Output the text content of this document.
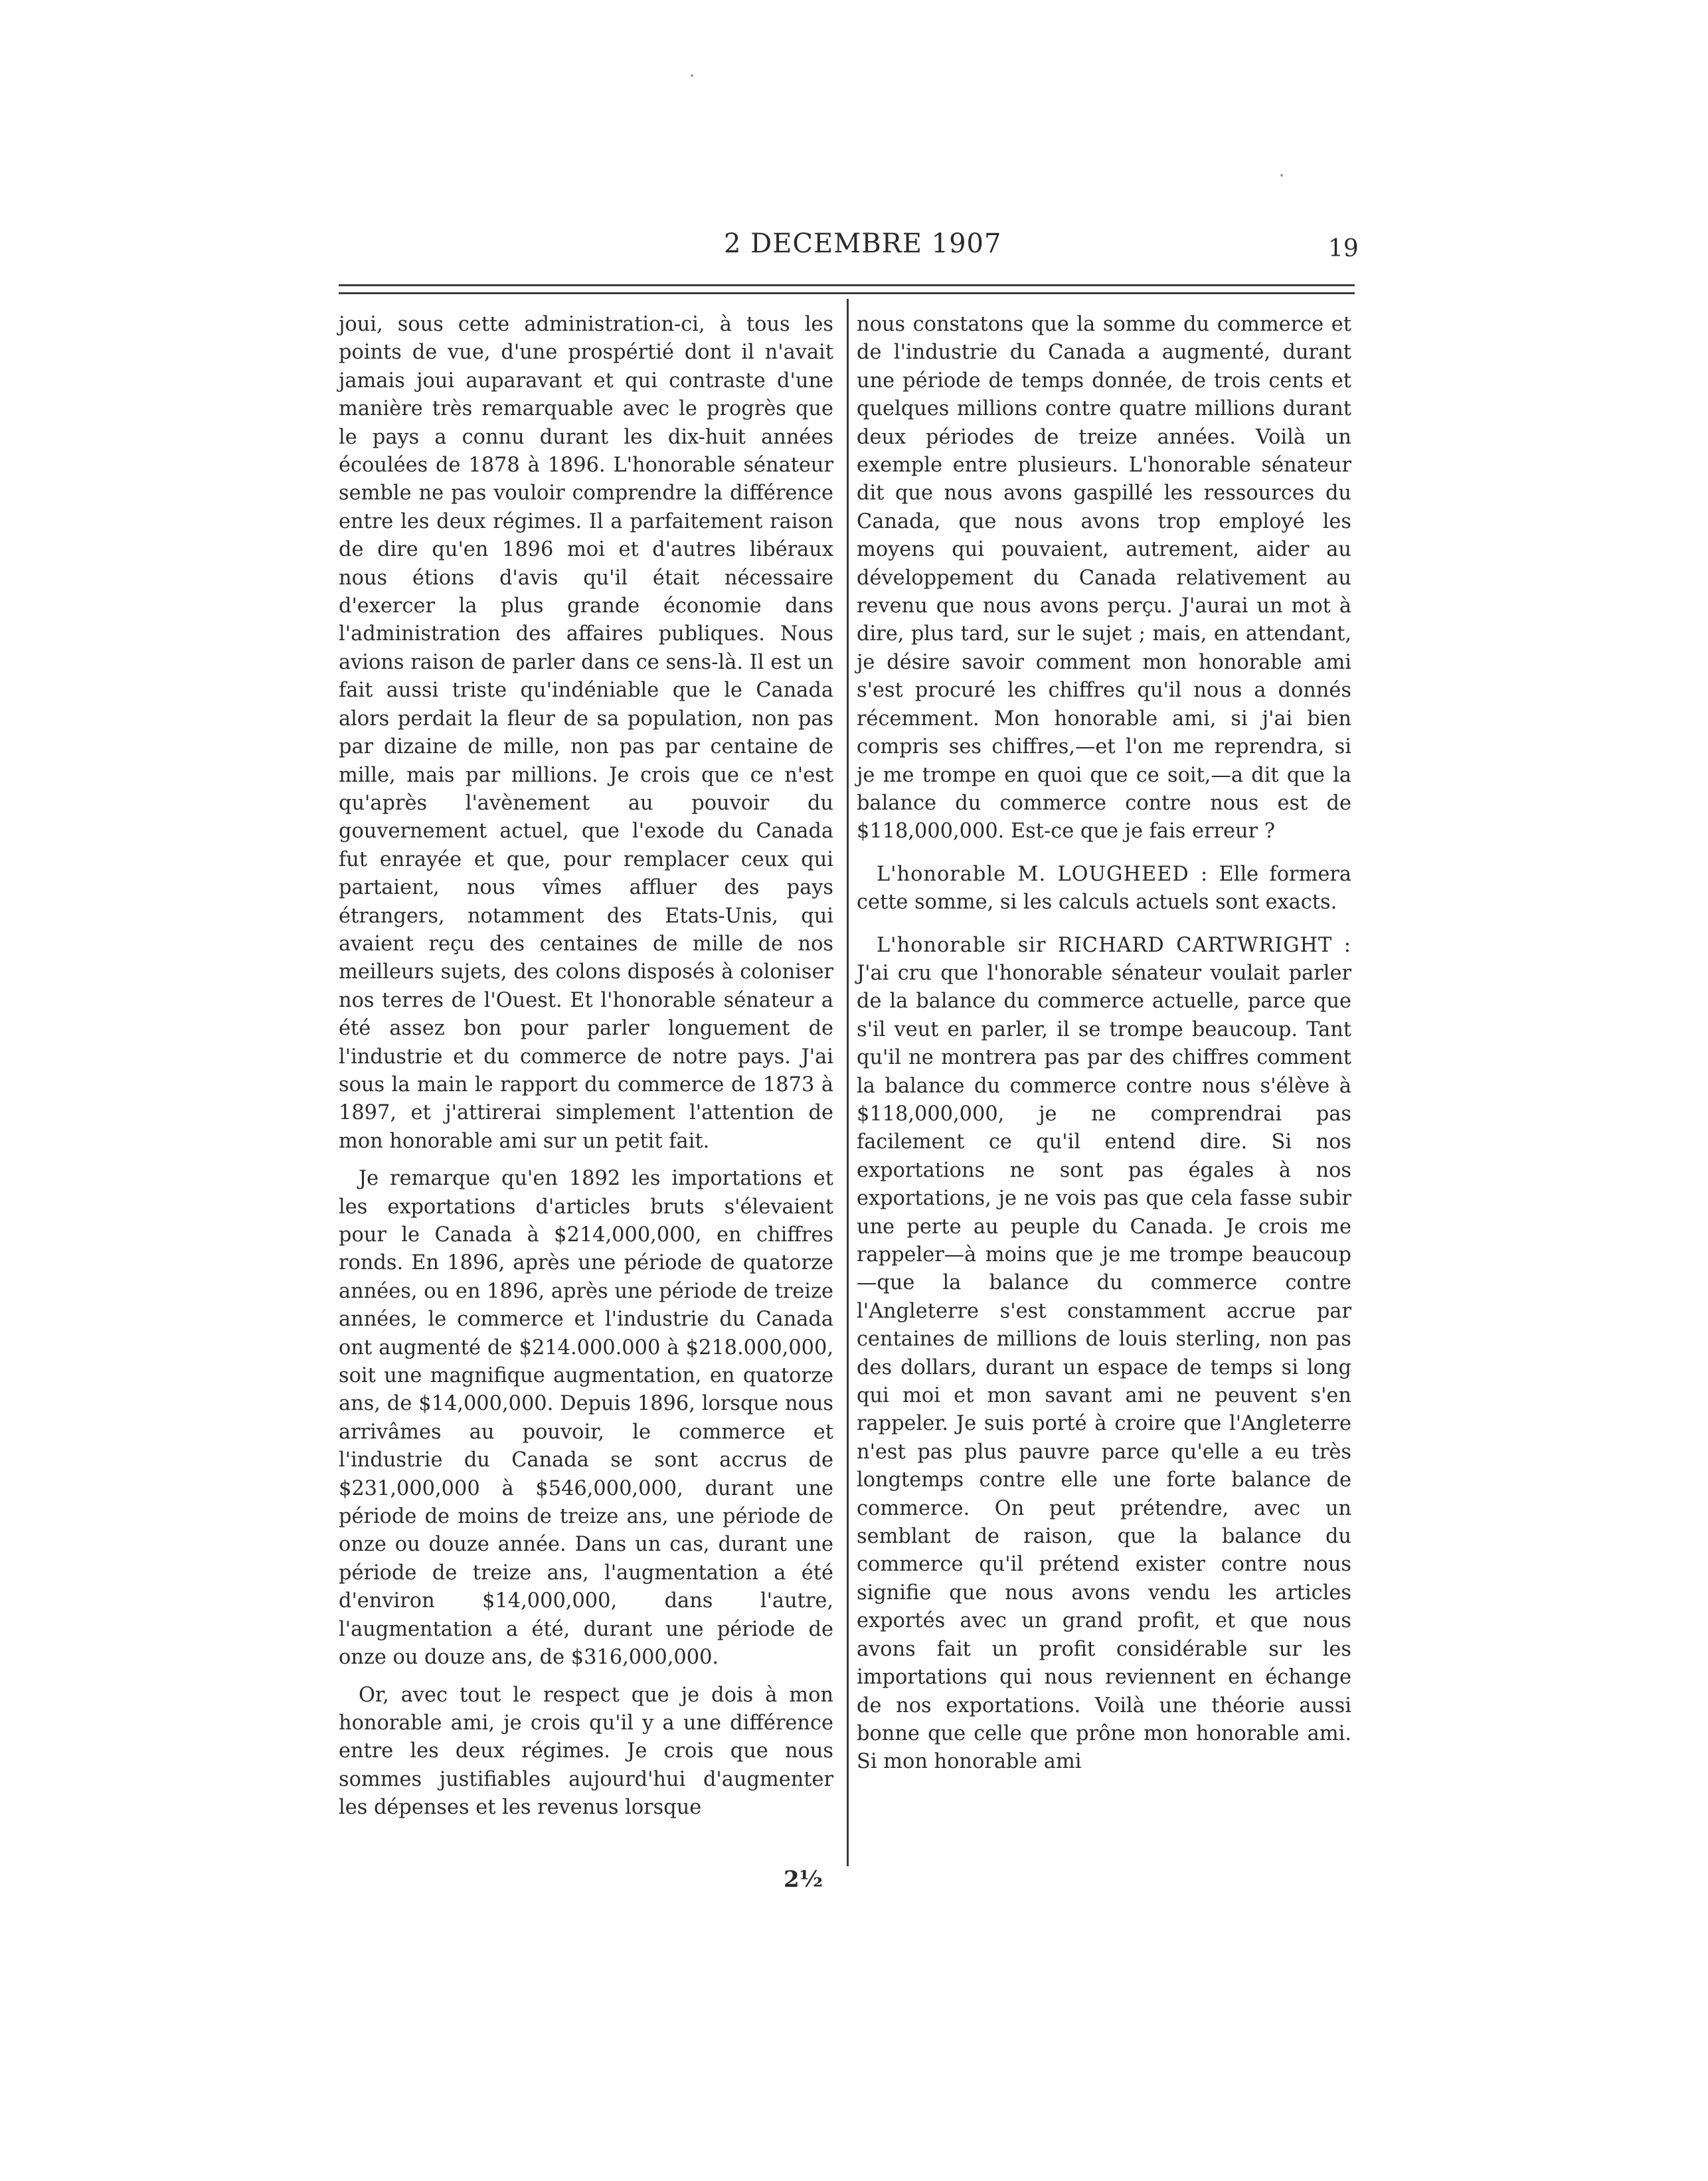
2 DECEMBRE 1907	19

joui, sous cette administration-ci, à tous les points de vue, d'une prospértié dont il n'avait jamais joui auparavant et qui contraste d'une manière très remarquable avec le progrès que le pays a connu durant les dix-huit années écoulées de 1878 à 1896. L'honorable sénateur semble ne pas vouloir comprendre la différence entre les deux régimes. Il a parfaitement raison de dire qu'en 1896 moi et d'autres libéraux nous étions d'avis qu'il était nécessaire d'exercer la plus grande économie dans l'administration des affaires publiques. Nous avions raison de parler dans ce sens-là. Il est un fait aussi triste qu'indéniable que le Canada alors perdait la fleur de sa population, non pas par dizaine de mille, non pas par centaine de mille, mais par millions. Je crois que ce n'est qu'après l'avènement au pouvoir du gouvernement actuel, que l'exode du Canada fut enrayée et que, pour remplacer ceux qui partaient, nous vîmes affluer des pays étrangers, notamment des Etats-Unis, qui avaient reçu des centaines de mille de nos meilleurs sujets, des colons disposés à coloniser nos terres de l'Ouest. Et l'honorable sénateur a été assez bon pour parler longuement de l'industrie et du commerce de notre pays. J'ai sous la main le rapport du commerce de 1873 à 1897, et j'attirerai simplement l'attention de mon honorable ami sur un petit fait.

Je remarque qu'en 1892 les importations et les exportations d'articles bruts s'élevaient pour le Canada à $214,000,000, en chiffres ronds. En 1896, après une période de quatorze années, ou en 1896, après une période de treize années, le commerce et l'industrie du Canada ont augmenté de $214.000.000 à $218.000,000, soit une magnifique augmentation, en quatorze ans, de $14,000,000. Depuis 1896, lorsque nous arrivâmes au pouvoir, le commerce et l'industrie du Canada se sont accrus de $231,000,000 à $546,000,000, durant une période de moins de treize ans, une période de onze ou douze année. Dans un cas, durant une période de treize ans, l'augmentation a été d'environ $14,000,000, dans l'autre, l'augmentation a été, durant une période de onze ou douze ans, de $316,000,000.

Or, avec tout le respect que je dois à mon honorable ami, je crois qu'il y a une différence entre les deux régimes. Je crois que nous sommes justifiables aujourd'hui d'augmenter les dépenses et les revenus lorsque

nous constatons que la somme du commerce et de l'industrie du Canada a augmenté, durant une période de temps donnée, de trois cents et quelques millions contre quatre millions durant deux périodes de treize années. Voilà un exemple entre plusieurs. L'honorable sénateur dit que nous avons gaspillé les ressources du Canada, que nous avons trop employé les moyens qui pouvaient, autrement, aider au développement du Canada relativement au revenu que nous avons perçu. J'aurai un mot à dire, plus tard, sur le sujet ; mais, en attendant, je désire savoir comment mon honorable ami s'est procuré les chiffres qu'il nous a donnés récemment. Mon honorable ami, si j'ai bien compris ses chiffres,—et l'on me reprendra, si je me trompe en quoi que ce soit,—a dit que la balance du commerce contre nous est de $118,000,000. Est-ce que je fais erreur ?

L'honorable M. LOUGHEED : Elle formera cette somme, si les calculs actuels sont exacts.

L'honorable sir RICHARD CARTWRIGHT : J'ai cru que l'honorable sénateur voulait parler de la balance du commerce actuelle, parce que s'il veut en parler, il se trompe beaucoup. Tant qu'il ne montrera pas par des chiffres comment la balance du commerce contre nous s'élève à $118,000,000, je ne comprendrai pas facilement ce qu'il entend dire. Si nos exportations ne sont pas égales à nos exportations, je ne vois pas que cela fasse subir une perte au peuple du Canada. Je crois me rappeler—à moins que je me trompe beaucoup—que la balance du commerce contre l'Angleterre s'est constamment accrue par centaines de millions de louis sterling, non pas des dollars, durant un espace de temps si long qui moi et mon savant ami ne peuvent s'en rappeler. Je suis porté à croire que l'Angleterre n'est pas plus pauvre parce qu'elle a eu très longtemps contre elle une forte balance de commerce. On peut prétendre, avec un semblant de raison, que la balance du commerce qu'il prétend exister contre nous signifie que nous avons vendu les articles exportés avec un grand profit, et que nous avons fait un profit considérable sur les importations qui nous reviennent en échange de nos exportations. Voilà une théorie aussi bonne que celle que prône mon honorable ami. Si mon honorable ami

2½
